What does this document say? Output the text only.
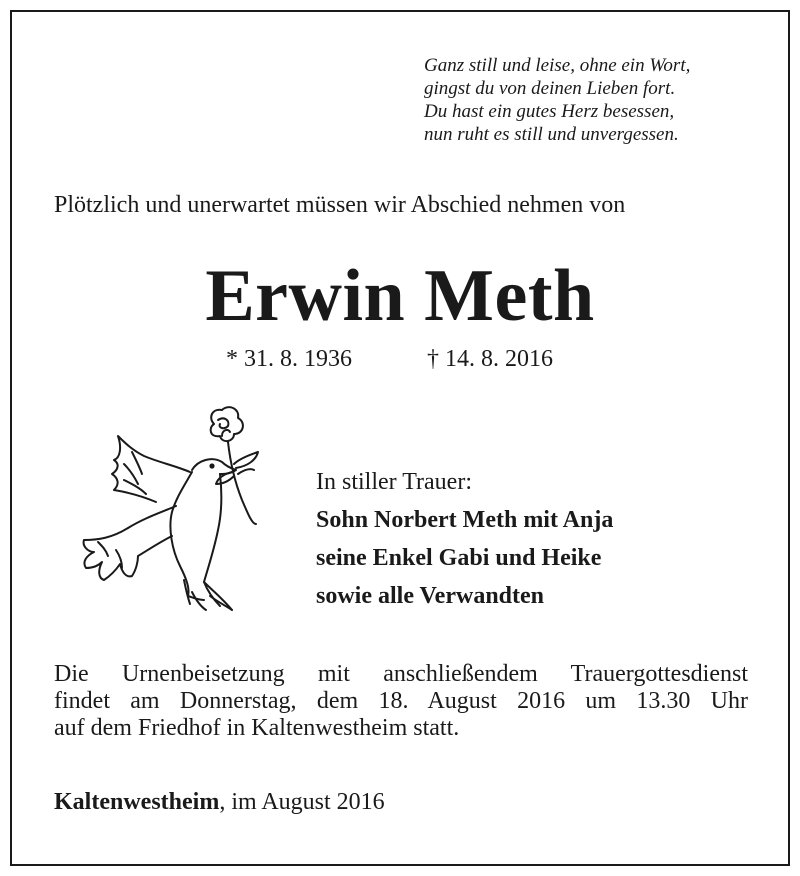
Ganz still und leise, ohne ein Wort,
gingst du von deinen Lieben fort.
Du hast ein gutes Herz besessen,
nun ruht es still und unvergessen.
Plötzlich und unerwartet müssen wir Abschied nehmen von
Erwin Meth
* 31. 8. 1936	† 14. 8. 2016
In stiller Trauer:
Sohn Norbert Meth mit Anja
seine Enkel Gabi und Heike
sowie alle Verwandten
Die Urnenbeisetzung mit anschließendem Trauergottesdienst
findet am Donnerstag, dem 18. August 2016 um 13.30 Uhr
auf dem Friedhof in Kaltenwestheim statt.
Kaltenwestheim, im August 2016
